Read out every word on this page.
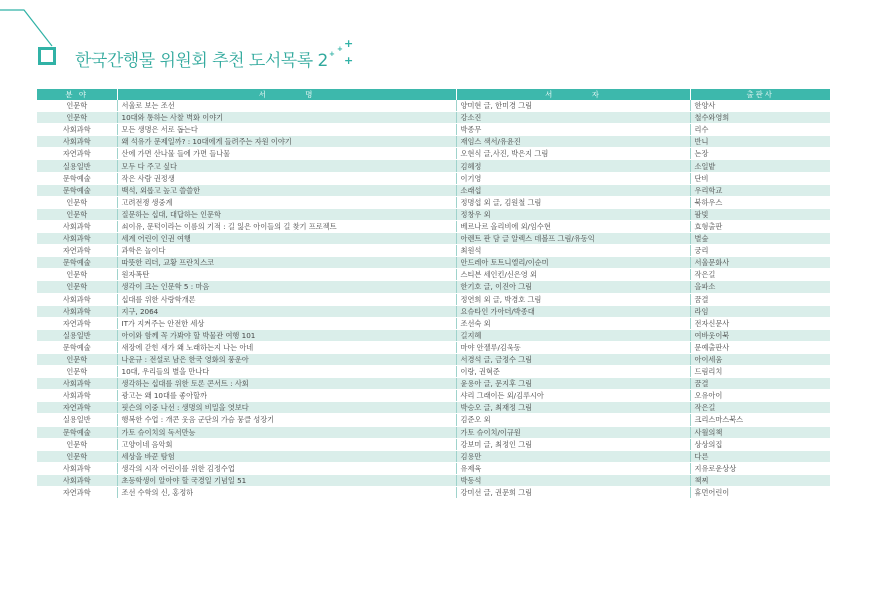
한국간행물 위원회 추천 도서목록 2 +
+
+
+
분 야	서　　　　명	서　　　　자	출판사
인문학	서울로 보는 조선	양미현 글, 한미경 그림	한양사
인문학	10대와 통하는 사찰 벽화 이야기	강소진	철수와영희
사회과학	모든 생명은 서로 돕는다	박종무	리수
사회과학	왜 석유가 문제일까? : 10대에게 들려주는 자원 이야기	재임스 색서/유윤진	반니
자연과학	산에 가면 산나물 들에 가면 들나물	오현식 글,사진, 박은지 그림	논장
실용일반	모두 다 주고 싶다	김혜정	소일밭
문학예술	작은 사람 권정생	이기영	단비
문학예술	백석, 외롭고 높고 쓸쓸한	소래섭	우리학교
인문학	고려전쟁 생중계	정명섭 외 글, 김원철 그림	북하우스
인문학	질문하는 십대, 대답하는 인문학	정창우 외	팜빛
사회과학	쇠이유, 문턱이라는 이름의 기적 : 길 잃은 아이들의 길 찾기 프로젝트	베르나르 올리비에 외/임수현	효형출판
사회과학	세계 어린이 인권 여행	아렌트 판 담 글 알렉스 데볼프 그림/유동익	별숲
자연과학	과학은 놀이다	최원석	궁리
문학예술	따뜻한 리더, 교황 프란치스코	안드레아 토트니엘리/이순미	서울문화사
인문학	원자폭탄	스티븐 세인킨/신은영 외	작은길
인문학	생각이 크는 인문학 5 : 마음	한기호 글, 이진아 그림	을파소
사회과학	십대를 위한 사랑학개론	정연희 외 글, 박경호 그림	꿈결
사회과학	지구, 2064	요슈타인 가아더/박종대	라임
자연과학	IT가 지켜주는 안전한 세상	조선숙 외	전자신문사
실용일반	아이와 함께 꼭 가봐야 할 박물관 여행 101	길지혜	여바웃이북
문학예술	새장에 갇힌 새가 왜 노래하는지 나는 아네	마야 안젤루/김욱동	문예출판사
인문학	나운규 : 전설로 남은 한국 영화의 풍운아	서경석 글, 금정수 그림	아이세움
인문학	10대, 우리들의 별을 만나다	이랑, 권혁준	드림리치
사회과학	생각하는 십대를 위한 토론 콘서트 : 사회	윤용아 글, 문지후 그림	꿈결
사회과학	광고는 왜 10대를 좋아할까	샤리 그래이든 외/김루시아	오유아이
자연과학	핏슨의 이중 나선 : 생명의 비밀을 엿보다	박승오 글, 최재정 그림	작은길
실용일반	행복한 수업 : 개콘 웃음 군단의 가슴 뭉클 성장기	김준오 외	크리스마스북스
문학예술	가토 슈이치의 독서만능	가토 슈이치/이규원	사월의책
인문학	고양이네 음악회	강보미 글, 최정인 그림	상상의집
인문학	세상을 바꾼 탐험	김용만	다른
사회과학	생각의 시작 어린이를 위한 김정수업	유제육	지유로운상상
사회과학	초등학생이 알아야 할 국경일 기념일 51	박동석	책찌
자연과학	조선 수학의 신, 홍정하	강미선 글, 권문희 그림	휴먼어린이
